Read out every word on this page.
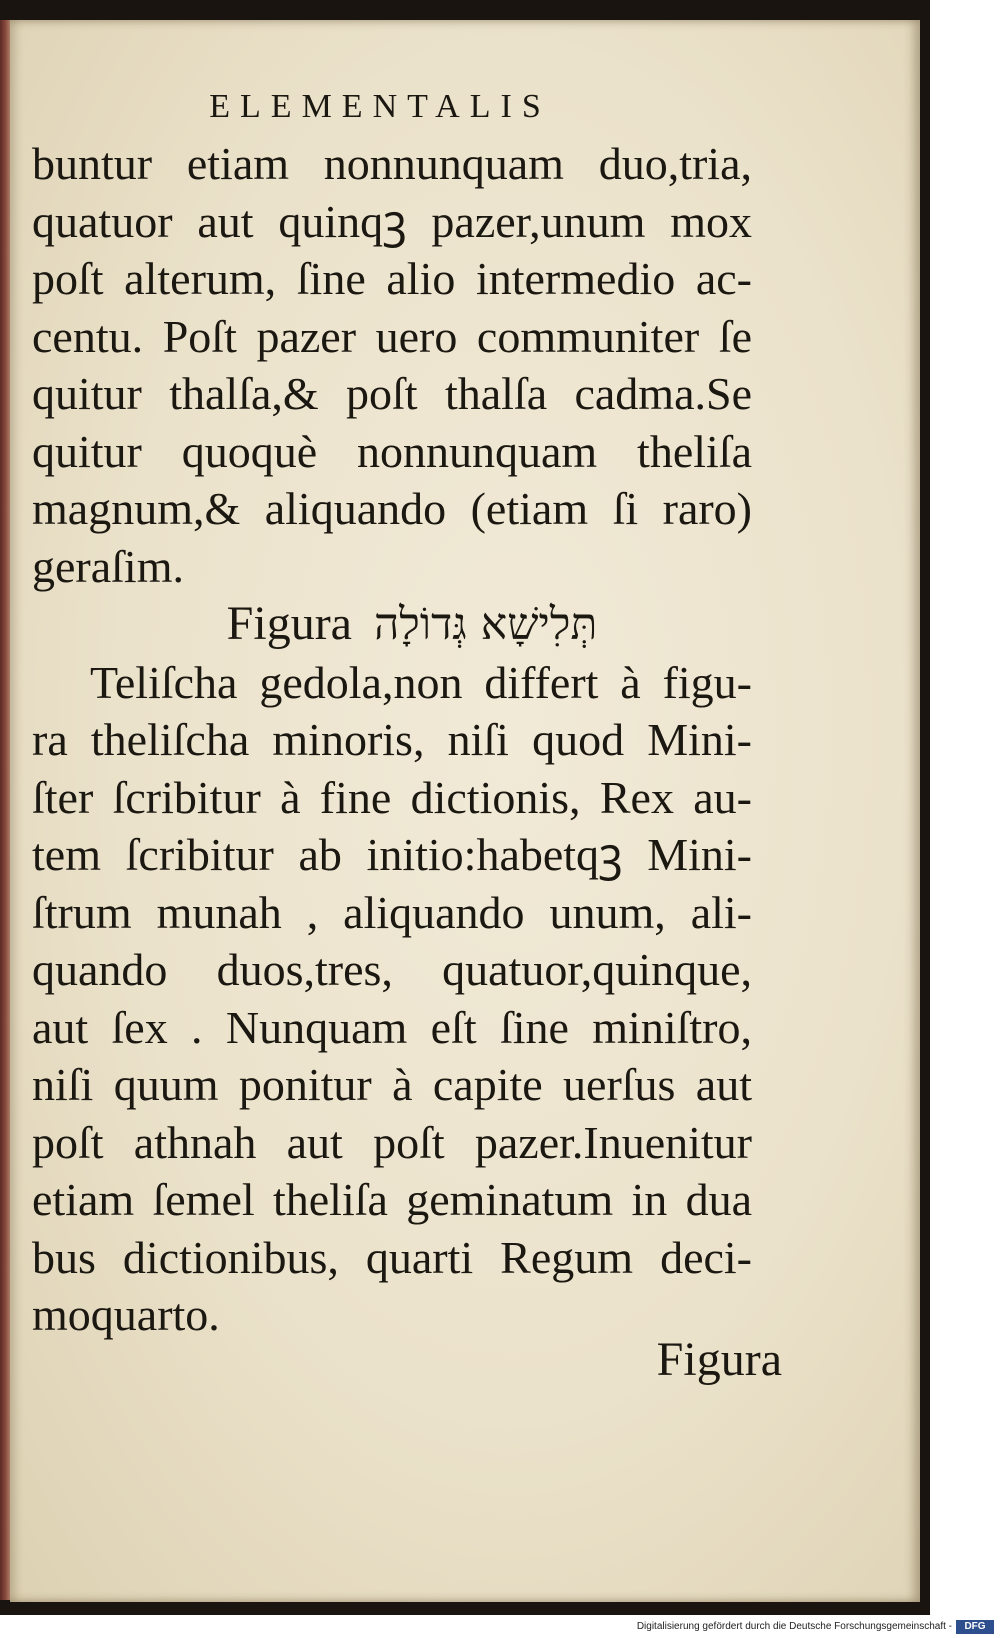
ELEMENTALIS
buntur etiam nonnunquam duo,tria,
quatuor aut quinqꝫ pazer,unum mox
poſt alterum, ſine alio intermedio ac‑
centu. Poſt pazer uero communiter ſe
quitur thalſa,& poſt thalſa cadma.Se
quitur quoquè nonnunquam theliſa
magnum,& aliquando (etiam ſi raro)
geraſim.
Figura תְּלִישָׁא גְּדוֹלָה
Teliſcha gedola,non differt à figu‑
ra theliſcha minoris, niſi quod Mini‑
ſter ſcribitur à fine dictionis, Rex au‑
tem ſcribitur ab initio:habetqꝫ Mini‑
ſtrum munah , aliquando unum, ali‑
quando duos,tres, quatuor,quinque,
aut ſex . Nunquam eſt ſine miniſtro,
niſi quum ponitur à capite uerſus aut
poſt athnah aut poſt pazer.Inuenitur
etiam ſemel theliſa geminatum in dua
bus dictionibus, quarti Regum deci‑
moquarto.
Figura
Digitalisierung gefördert durch die Deutsche Forschungsgemeinschaft -	DFG
